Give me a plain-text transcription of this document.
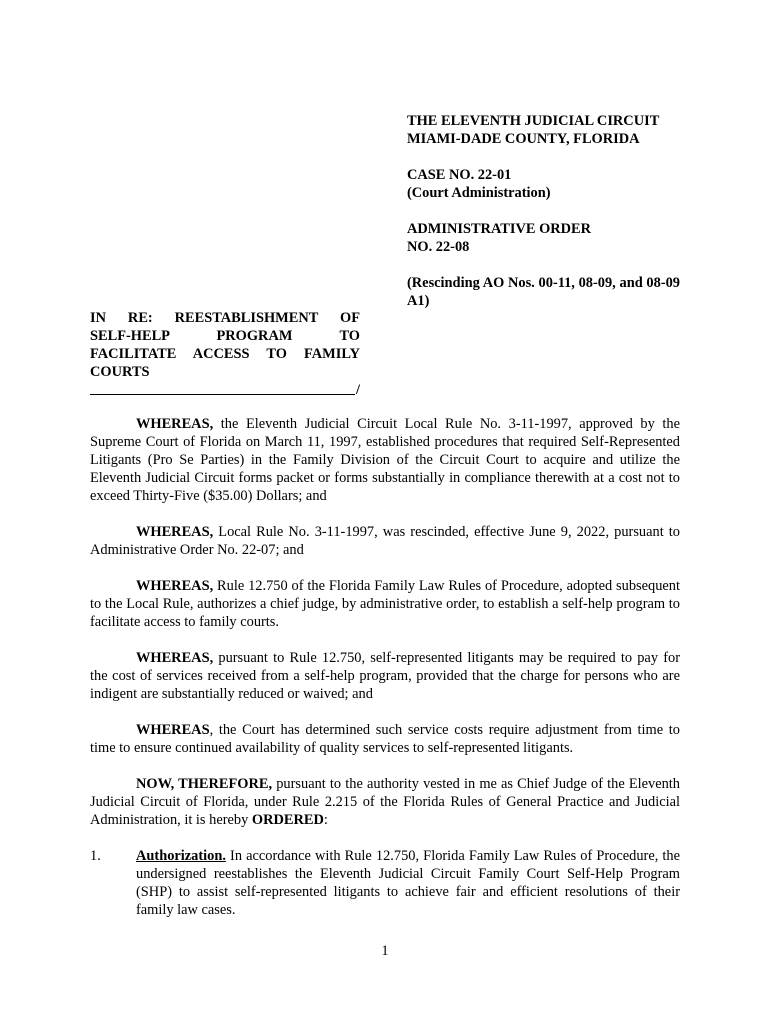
THE ELEVENTH JUDICIAL CIRCUIT
MIAMI-DADE COUNTY, FLORIDA
CASE NO. 22-01
(Court Administration)
ADMINISTRATIVE ORDER
NO. 22-08
(Rescinding AO Nos. 00-11, 08-09, and 08-09 A1)
IN RE: REESTABLISHMENT OF
SELF-HELP PROGRAM TO
FACILITATE ACCESS TO FAMILY
COURTS
/

WHEREAS, the Eleventh Judicial Circuit Local Rule No. 3-11-1997, approved by the Supreme Court of Florida on March 11, 1997, established procedures that required Self-Represented Litigants (Pro Se Parties) in the Family Division of the Circuit Court to acquire and utilize the Eleventh Judicial Circuit forms packet or forms substantially in compliance therewith at a cost not to exceed Thirty-Five ($35.00) Dollars; and

WHEREAS, Local Rule No. 3-11-1997, was rescinded, effective June 9, 2022, pursuant to Administrative Order No. 22-07; and

WHEREAS, Rule 12.750 of the Florida Family Law Rules of Procedure, adopted subsequent to the Local Rule, authorizes a chief judge, by administrative order, to establish a self-help program to facilitate access to family courts.

WHEREAS, pursuant to Rule 12.750, self-represented litigants may be required to pay for the cost of services received from a self-help program, provided that the charge for persons who are indigent are substantially reduced or waived; and

WHEREAS, the Court has determined such service costs require adjustment from time to time to ensure continued availability of quality services to self-represented litigants.

NOW, THEREFORE, pursuant to the authority vested in me as Chief Judge of the Eleventh Judicial Circuit of Florida, under Rule 2.215 of the Florida Rules of General Practice and Judicial Administration, it is hereby ORDERED:

1.	Authorization. In accordance with Rule 12.750, Florida Family Law Rules of Procedure, the undersigned reestablishes the Eleventh Judicial Circuit Family Court Self-Help Program (SHP) to assist self-represented litigants to achieve fair and efficient resolutions of their family law cases.
1
